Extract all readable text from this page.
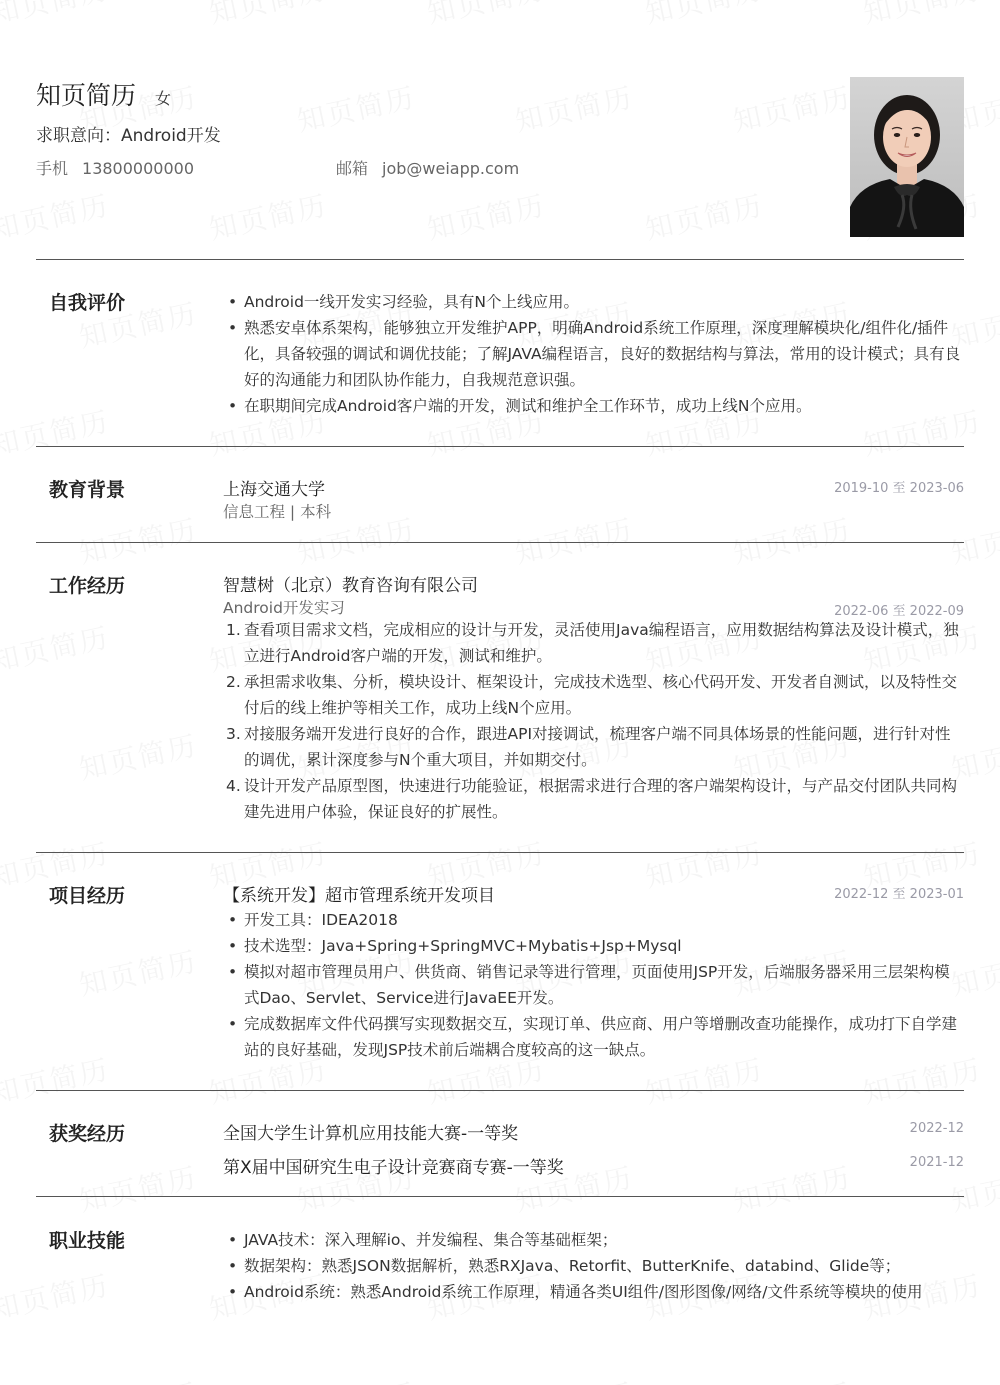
知页简历 女
求职意向：Android开发
手机 13800000000	邮箱 job@weiapp.com
自我评价	• Android一线开发实习经验，具有N个上线应用。
• 熟悉安卓体系架构，能够独立开发维护APP，明确Android系统工作原理，深度理解模块化/组件化/插件化，具备较强的调试和调优技能；了解JAVA编程语言，良好的数据结构与算法，常用的设计模式；具有良好的沟通能力和团队协作能力，自我规范意识强。
• 在职期间完成Android客户端的开发，测试和维护全工作环节，成功上线N个应用。
教育背景	上海交通大学	2019-10 至 2023-06
信息工程 | 本科
工作经历	智慧树（北京）教育咨询有限公司
Android开发实习	2022-06 至 2022-09
1. 查看项目需求文档，完成相应的设计与开发，灵活使用Java编程语言，应用数据结构算法及设计模式，独立进行Android客户端的开发，测试和维护。
2. 承担需求收集、分析，模块设计、框架设计，完成技术选型、核心代码开发、开发者自测试，以及特性交付后的线上维护等相关工作，成功上线N个应用。
3. 对接服务端开发进行良好的合作，跟进API对接调试，梳理客户端不同具体场景的性能问题，进行针对性的调优，累计深度参与N个重大项目，并如期交付。
4. 设计开发产品原型图，快速进行功能验证，根据需求进行合理的客户端架构设计，与产品交付团队共同构建先进用户体验，保证良好的扩展性。
项目经历	【系统开发】超市管理系统开发项目	2022-12 至 2023-01
• 开发工具：IDEA2018
• 技术选型：Java+Spring+SpringMVC+Mybatis+Jsp+Mysql
• 模拟对超市管理员用户、供货商、销售记录等进行管理，页面使用JSP开发，后端服务器采用三层架构模式Dao、Servlet、Service进行JavaEE开发。
• 完成数据库文件代码撰写实现数据交互，实现订单、供应商、用户等增删改查功能操作，成功打下自学建站的良好基础，发现JSP技术前后端耦合度较高的这一缺点。
获奖经历	全国大学生计算机应用技能大赛-一等奖	2022-12
第X届中国研究生电子设计竞赛商专赛-一等奖	2021-12
职业技能	• JAVA技术：深入理解io、并发编程、集合等基础框架；
• 数据架构：熟悉JSON数据解析，熟悉RXJava、Retorfit、ButterKnife、databind、Glide等；
• Android系统：熟悉Android系统工作原理，精通各类UI组件/图形图像/网络/文件系统等模块的使用
